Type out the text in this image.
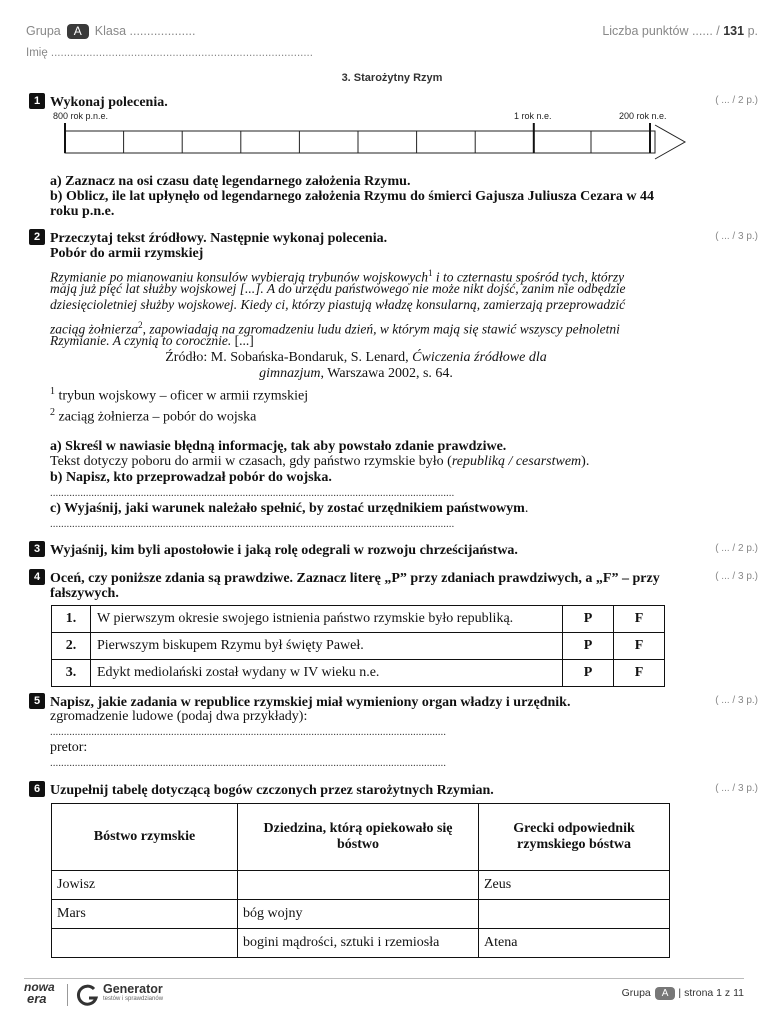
Grupa A Klasa ...................	Liczba punktów ...... / 131 p.
Imię ..................................................................................
3. Starożytny Rzym
1 Wykonaj polecenia.	( ... / 2 p.)
800 rok p.n.e.	1 rok n.e.	200 rok n.e.
a) Zaznacz na osi czasu datę legendarnego założenia Rzymu.
b) Oblicz, ile lat upłynęło od legendarnego założenia Rzymu do śmierci Gajusza Juliusza Cezara w 44
roku p.n.e.
2 Przeczytaj tekst źródłowy. Następnie wykonaj polecenia.	( ... / 3 p.)
Pobór do armii rzymskiej
Rzymianie po mianowaniu konsulów wybierają trybunów wojskowych$^1$ i to czternastu spośród tych, którzy
mają już pięć lat służby wojskowej [...]. A do urzędu państwowego nie może nikt dojść, zanim nie odbędzie
dziesięcioletniej służby wojskowej. Kiedy ci, którzy piastują władzę konsularną, zamierzają przeprowadzić
zaciąg żołnierza$^2$, zapowiadają na zgromadzeniu ludu dzień, w którym mają się stawić wszyscy pełnoletni
Rzymianie. A czynią to corocznie. [...]
Źródło: M. Sobańska-Bondaruk, S. Lenard, Ćwiczenia źródłowe dla
gimnazjum, Warszawa 2002, s. 64.
$^1$ trybun wojskowy – oficer w armii rzymskiej
$^2$ zaciąg żołnierza – pobór do wojska
a) Skreśl w nawiasie błędną informację, tak aby powstało zdanie prawdziwe.
Tekst dotyczy poboru do armii w czasach, gdy państwo rzymskie było (republiką / cesarstwem).
b) Napisz, kto przeprowadzał pobór do wojska.
...................................................................................................................................................
c) Wyjaśnij, jaki warunek należało spełnić, by zostać urzędnikiem państwowym.
...................................................................................................................................................
3 Wyjaśnij, kim byli apostołowie i jaką rolę odegrali w rozwoju chrześcijaństwa.	( ... / 2 p.)
4 Oceń, czy poniższe zdania są prawdziwe. Zaznacz literę „P” przy zdaniach prawdziwych, a „F” – przy
fałszywych.
( ... / 3 p.)
1.	W pierwszym okresie swojego istnienia państwo rzymskie było republiką.	P	F
2.	Pierwszym biskupem Rzymu był święty Paweł.	P	F
3.	Edykt mediolański został wydany w IV wieku n.e.	P	F
5 Napisz, jakie zadania w republice rzymskiej miał wymieniony organ władzy i urzędnik.	( ... / 3 p.)
zgromadzenie ludowe (podaj dwa przykłady):
................................................................................................................................................
pretor:
................................................................................................................................................
6 Uzupełnij tabelę dotyczącą bogów czczonych przez starożytnych Rzymian.	( ... / 3 p.)
Bóstwo rzymskie	Dziedzina, którą opiekowało się bóstwo	Grecki odpowiednik rzymskiego bóstwa
Jowisz		Zeus
Mars	bóg wojny	
	bogini mądrości, sztuki i rzemiosła	Atena
nowa
era
Generator
testów i sprawdzianów	Grupa A | strona 1 z 11
